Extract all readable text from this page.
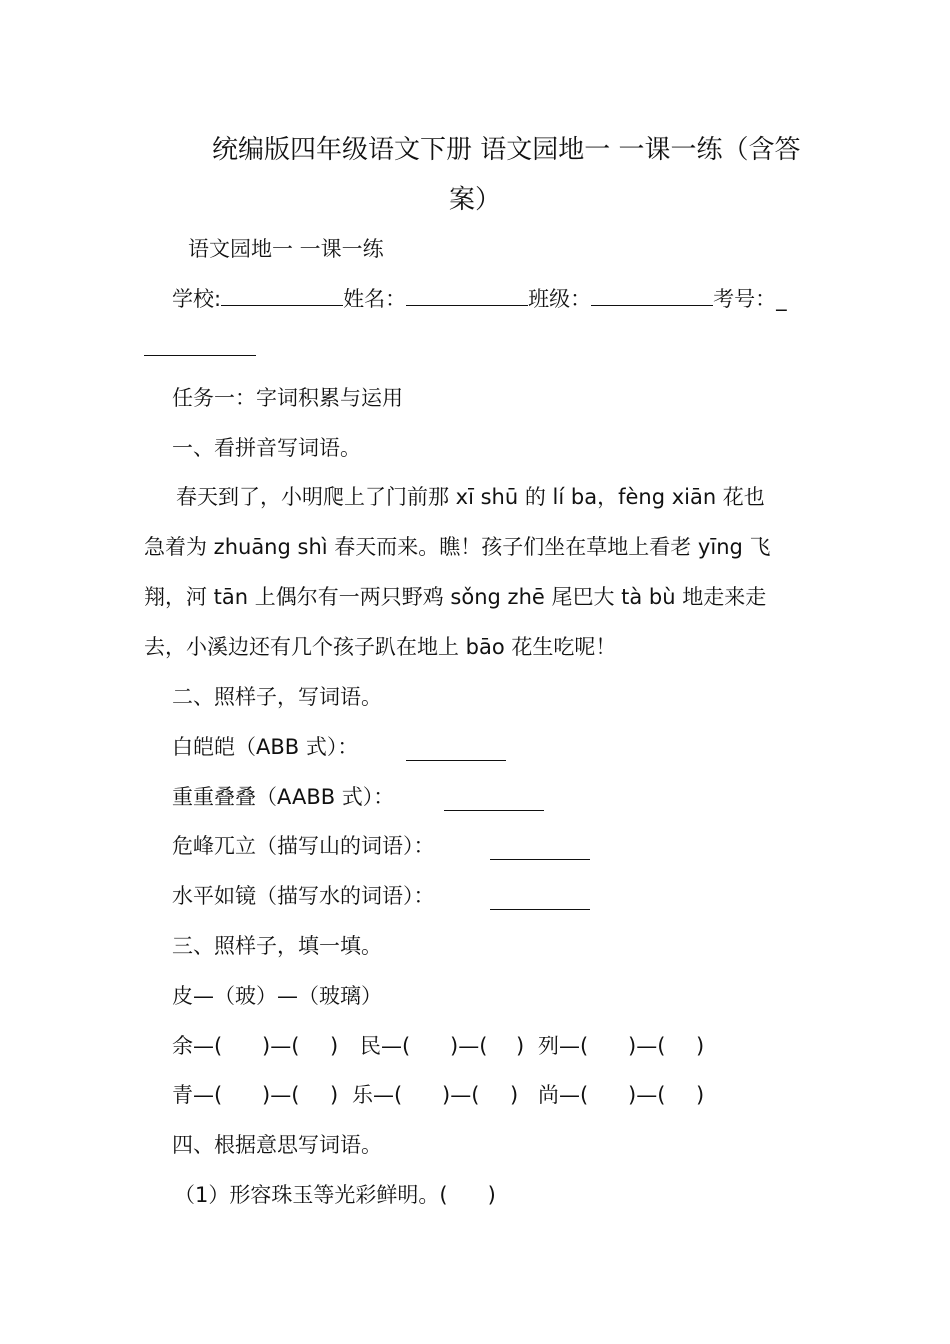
统编版四年级语文下册 语文园地一 一课一练（含答
案）
语文园地一 一课一练
学校:	姓名：	班级：	考号：_
任务一：字词积累与运用
一、看拼音写词语。
春天到了，小明爬上了门前那 xī shū 的 lí ba，fèng xiān 花也
急着为 zhuāng shì 春天而来。瞧！孩子们坐在草地上看老 yīng 飞
翔，河 tān 上偶尔有一两只野鸡 sǒng zhē 尾巴大 tà bù 地走来走
去，小溪边还有几个孩子趴在地上 bāo 花生吃呢！
二、照样子，写词语。
白皑皑（ABB 式）：
重重叠叠（AABB 式）：
危峰兀立（描写山的词语）：
水平如镜（描写水的词语）：
三、照样子，填一填。
皮—（玻）—（玻璃）
余—( )—( ) 民—( )—( ) 列—( )—( )
青—( )—( ) 乐—( )—( ) 尚—( )—( )
四、根据意思写词语。
（1）形容珠玉等光彩鲜明。( )
